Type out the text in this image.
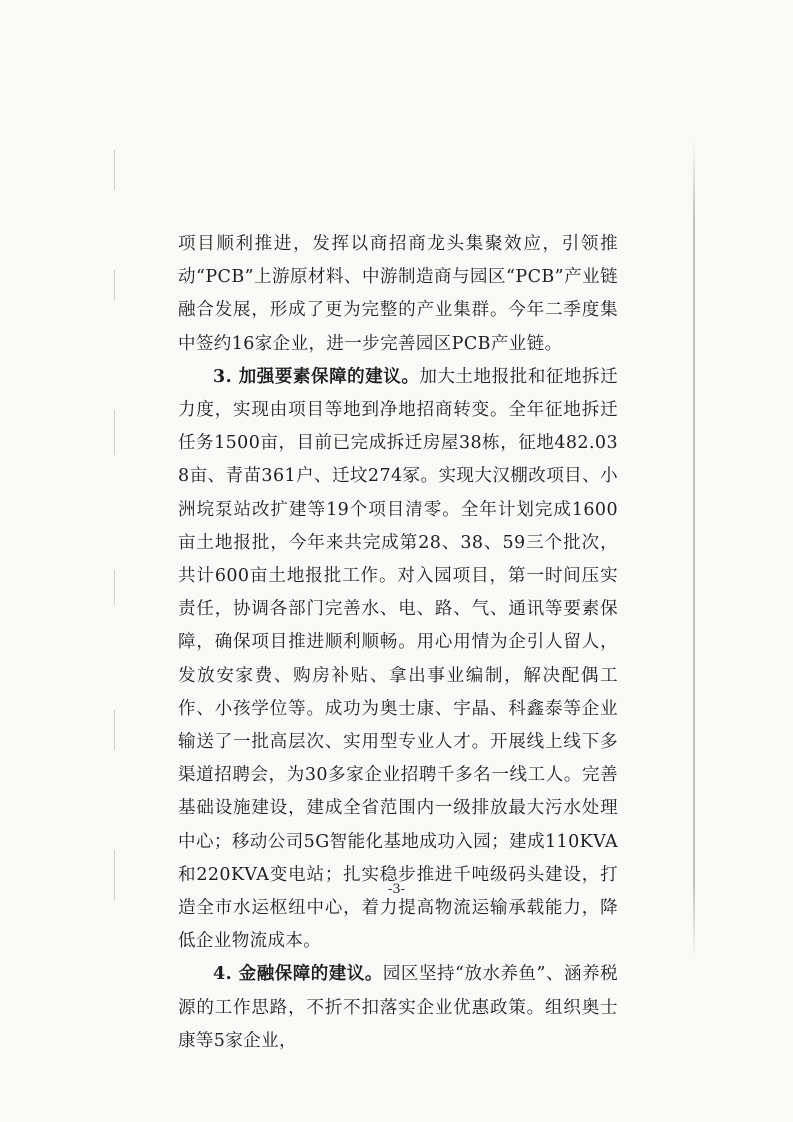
项目顺利推进，发挥以商招商龙头集聚效应，引领推动“PCB”上游原材料、中游制造商与园区“PCB”产业链融合发展，形成了更为完整的产业集群。今年二季度集中签约16家企业，进一步完善园区PCB产业链。

3. 加强要素保障的建议。加大土地报批和征地拆迁力度，实现由项目等地到净地招商转变。全年征地拆迁任务1500亩，目前已完成拆迁房屋38栋，征地482.038亩、青苗361户、迁坟274冢。实现大汉棚改项目、小洲垸泵站改扩建等19个项目清零。全年计划完成1600亩土地报批，今年来共完成第28、38、59三个批次，共计600亩土地报批工作。对入园项目，第一时间压实责任，协调各部门完善水、电、路、气、通讯等要素保障，确保项目推进顺利顺畅。用心用情为企引人留人，发放安家费、购房补贴、拿出事业编制，解决配偶工作、小孩学位等。成功为奥士康、宇晶、科鑫泰等企业输送了一批高层次、实用型专业人才。开展线上线下多渠道招聘会，为30多家企业招聘千多名一线工人。完善基础设施建设，建成全省范围内一级排放最大污水处理中心；移动公司5G智能化基地成功入园；建成110KVA和220KVA变电站；扎实稳步推进千吨级码头建设，打造全市水运枢纽中心，着力提高物流运输承载能力，降低企业物流成本。

4. 金融保障的建议。园区坚持“放水养鱼”、涵养税源的工作思路，不折不扣落实企业优惠政策。组织奥士康等5家企业，

-3-
